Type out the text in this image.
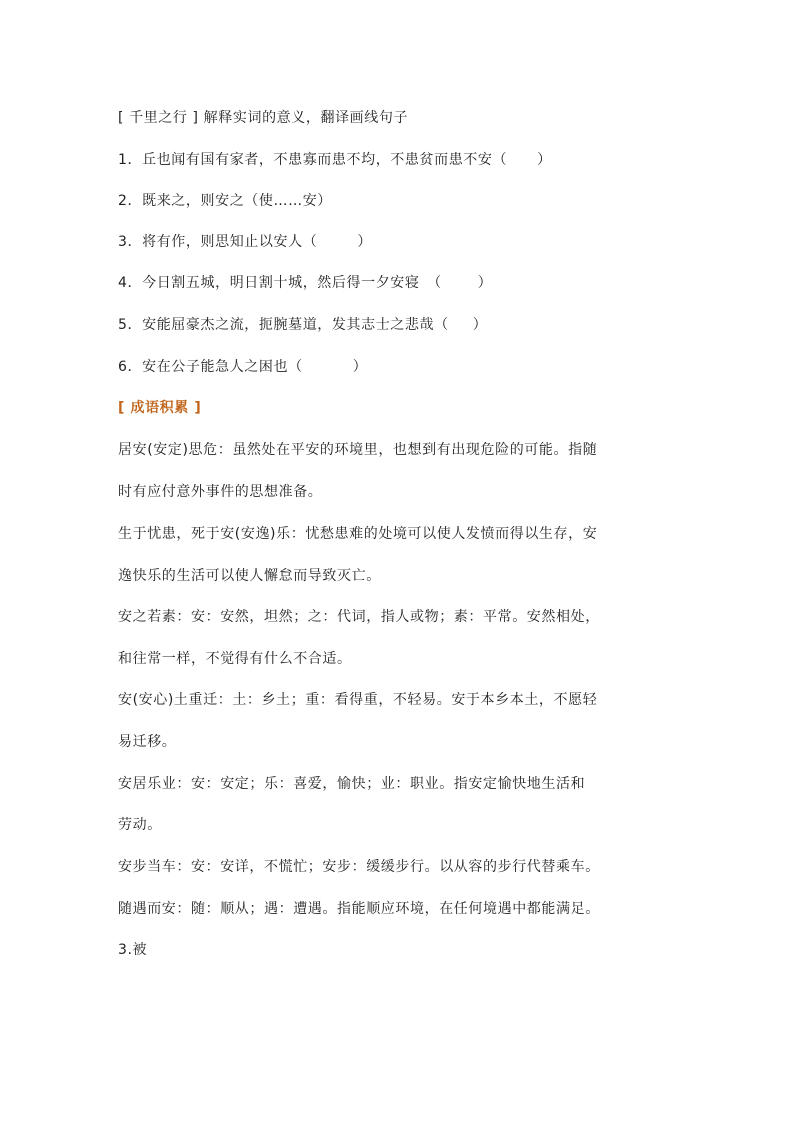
[ 千里之行 ] 解释实词的意义，翻译画线句子
1．丘也闻有国有家者，不患寡而患不均，不患贫而患不安（ ）
2．既来之，则安之（使……安）
3．将有作，则思知止以安人（	）
4．今日割五城，明日割十城，然后得一夕安寝　（	）
5．安能屈豪杰之流，扼腕墓道，发其志士之悲哉（ ）
6．安在公子能急人之困也（	）
[ 成语积累 ]
居安(安定)思危：虽然处在平安的环境里，也想到有出现危险的可能。指随
时有应付意外事件的思想准备。
生于忧患，死于安(安逸)乐：忧愁患难的处境可以使人发愤而得以生存，安
逸快乐的生活可以使人懈怠而导致灭亡。
安之若素：安：安然，坦然；之：代词，指人或物；素：平常。安然相处，
和往常一样，不觉得有什么不合适。
安(安心)土重迁：土：乡土；重：看得重，不轻易。安于本乡本土，不愿轻
易迁移。
安居乐业：安：安定；乐：喜爱，愉快；业：职业。指安定愉快地生活和
劳动。
安步当车：安：安详，不慌忙；安步：缓缓步行。以从容的步行代替乘车。
随遇而安：随：顺从；遇：遭遇。指能顺应环境，在任何境遇中都能满足。
3.被
